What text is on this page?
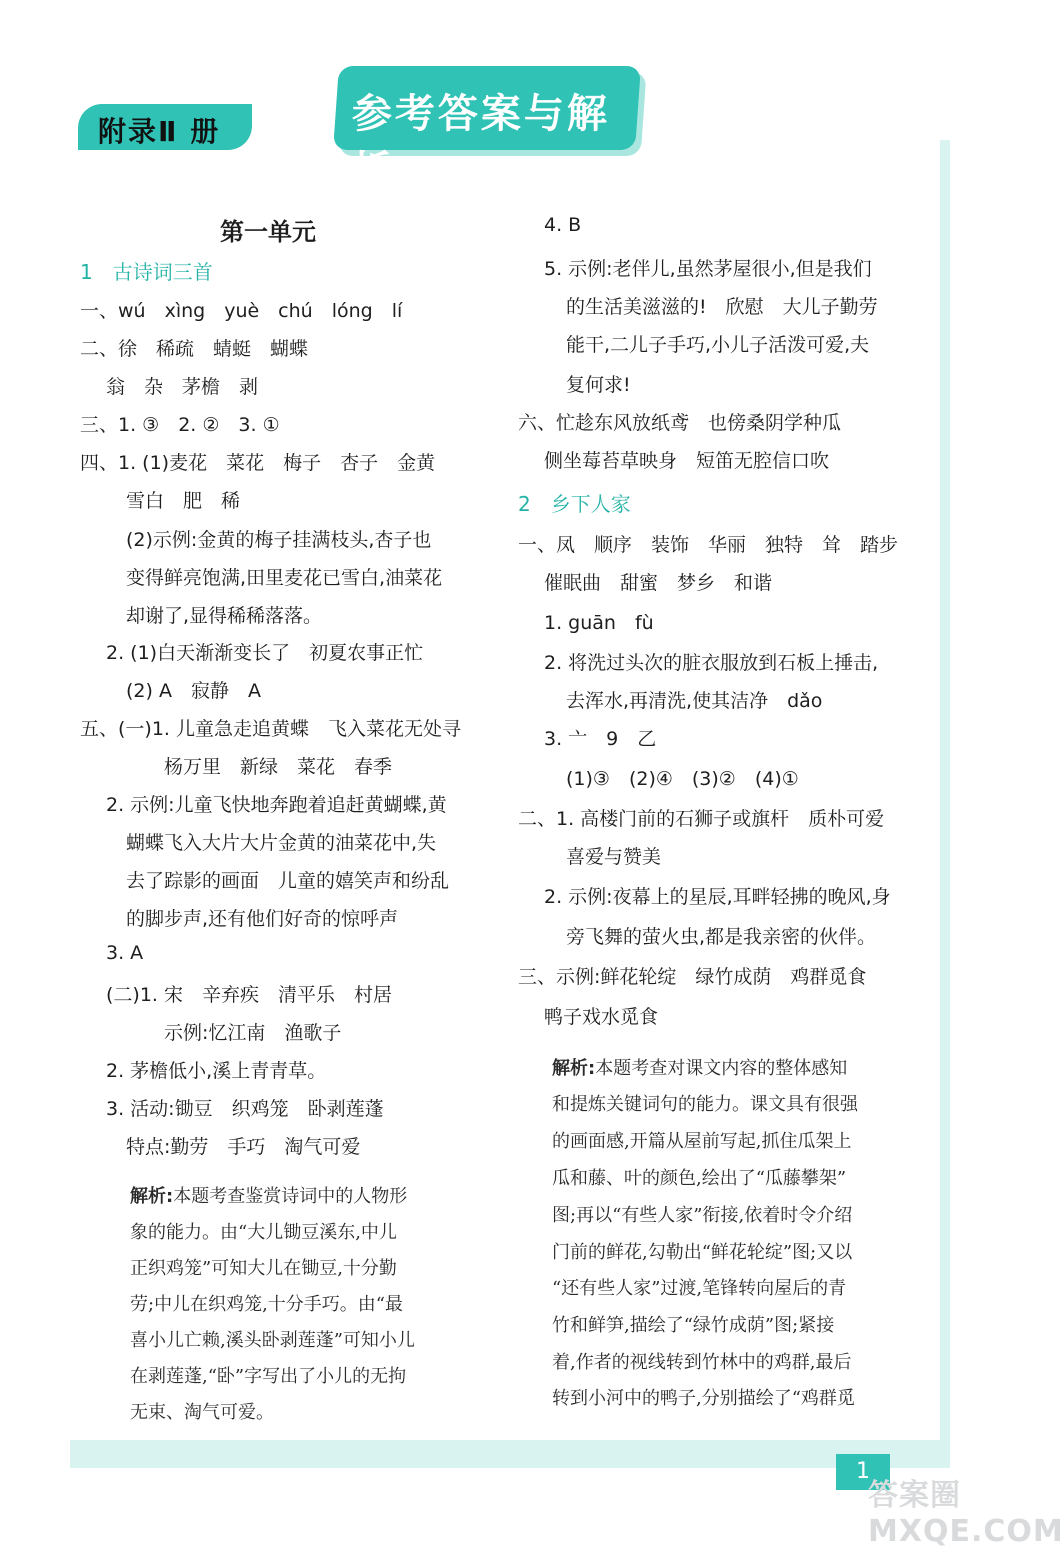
附录Ⅱ 册	参考答案与解析
第一单元
1　古诗词三首
一、wú　xìng　yuè　chú　lóng　lí
二、徐　稀疏　蜻蜓　蝴蝶
翁　杂　茅檐　剥
三、1. ③　2. ②　3. ①
四、1. (1)麦花　菜花　梅子　杏子　金黄
雪白　肥　稀
(2)示例:金黄的梅子挂满枝头,杏子也
变得鲜亮饱满,田里麦花已雪白,油菜花
却谢了,显得稀稀落落。
2. (1)白天渐渐变长了　初夏农事正忙
(2) A　寂静　A
五、(一)1. 儿童急走追黄蝶　飞入菜花无处寻
杨万里　新绿　菜花　春季
2. 示例:儿童飞快地奔跑着追赶黄蝴蝶,黄
蝴蝶飞入大片大片金黄的油菜花中,失
去了踪影的画面　儿童的嬉笑声和纷乱
的脚步声,还有他们好奇的惊呼声
3. A
(二)1. 宋　辛弃疾　清平乐　村居
示例:忆江南　渔歌子
2. 茅檐低小,溪上青青草。
3. 活动:锄豆　织鸡笼　卧剥莲蓬
特点:勤劳　手巧　淘气可爱
解析:本题考查鉴赏诗词中的人物形
象的能力。由“大儿锄豆溪东,中儿
正织鸡笼”可知大儿在锄豆,十分勤
劳;中儿在织鸡笼,十分手巧。由“最
喜小儿亡赖,溪头卧剥莲蓬”可知小儿
在剥莲蓬,“卧”字写出了小儿的无拘
无束、淘气可爱。
4. B
5. 示例:老伴儿,虽然茅屋很小,但是我们
的生活美滋滋的!　欣慰　大儿子勤劳
能干,二儿子手巧,小儿子活泼可爱,夫
复何求!
六、忙趁东风放纸鸢　也傍桑阴学种瓜
侧坐莓苔草映身　短笛无腔信口吹
2　乡下人家
一、凤　顺序　装饰　华丽　独特　耸　踏步
催眠曲　甜蜜　梦乡　和谐
1. guān　fù
2. 将洗过头次的脏衣服放到石板上捶击,
去浑水,再清洗,使其洁净　dǎo
3. 亠　9　乙
(1)③　(2)④　(3)②　(4)①
二、1. 高楼门前的石狮子或旗杆　质朴可爱
喜爱与赞美
2. 示例:夜幕上的星辰,耳畔轻拂的晚风,身
旁飞舞的萤火虫,都是我亲密的伙伴。
三、示例:鲜花轮绽　绿竹成荫　鸡群觅食
鸭子戏水觅食
解析:本题考查对课文内容的整体感知
和提炼关键词句的能力。课文具有很强
的画面感,开篇从屋前写起,抓住瓜架上
瓜和藤、叶的颜色,绘出了“瓜藤攀架”
图;再以“有些人家”衔接,依着时令介绍
门前的鲜花,勾勒出“鲜花轮绽”图;又以
“还有些人家”过渡,笔锋转向屋后的青
竹和鲜笋,描绘了“绿竹成荫”图;紧接
着,作者的视线转到竹林中的鸡群,最后
转到小河中的鸭子,分别描绘了“鸡群觅
1
答案圈 MXQE.COM
